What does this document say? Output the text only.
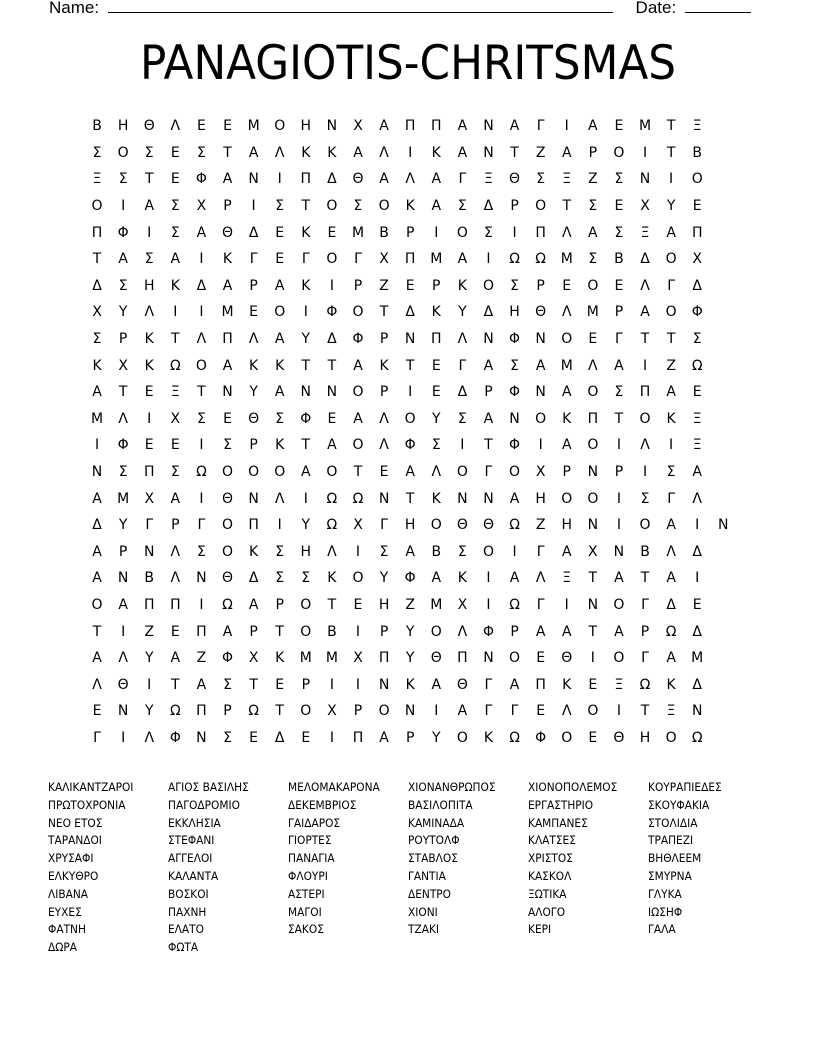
Name:	Date:
PANAGIOTIS-CHRITSMAS
Β	Η	Θ	Λ	Ε	Ε	Μ	Ο	Η	Ν	Χ	Α	Π	Π	Α	Ν	Α	Γ	Ι	Α	Ε	Μ	Τ	Ξ
Σ	Ο	Σ	Ε	Σ	Τ	Α	Λ	Κ	Κ	Α	Λ	Ι	Κ	Α	Ν	Τ	Ζ	Α	Ρ	Ο	Ι	Τ	Β
Ξ	Σ	Τ	Ε	Φ	Α	Ν	Ι	Π	Δ	Θ	Α	Λ	Α	Γ	Ξ	Θ	Σ	Ξ	Ζ	Σ	Ν	Ι	Ο
Ο	Ι	Α	Σ	Χ	Ρ	Ι	Σ	Τ	Ο	Σ	Ο	Κ	Α	Σ	Δ	Ρ	Ο	Τ	Σ	Ε	Χ	Υ	Ε
Π	Φ	Ι	Σ	Α	Θ	Δ	Ε	Κ	Ε	Μ	Β	Ρ	Ι	Ο	Σ	Ι	Π	Λ	Α	Σ	Ξ	Α	Π
Τ	Α	Σ	Α	Ι	Κ	Γ	Ε	Γ	Ο	Γ	Χ	Π	Μ	Α	Ι	Ω	Ω	Μ	Σ	Β	Δ	Ο	Χ
Δ	Σ	Η	Κ	Δ	Α	Ρ	Α	Κ	Ι	Ρ	Ζ	Ε	Ρ	Κ	Ο	Σ	Ρ	Ε	Ο	Ε	Λ	Γ	Δ
Χ	Υ	Λ	Ι	Ι	Μ	Ε	Ο	Ι	Φ	Ο	Τ	Δ	Κ	Υ	Δ	Η	Θ	Λ	Μ	Ρ	Α	Ο	Φ
Σ	Ρ	Κ	Τ	Λ	Π	Λ	Α	Υ	Δ	Φ	Ρ	Ν	Π	Λ	Ν	Φ	Ν	Ο	Ε	Γ	Τ	Τ	Σ
Κ	Χ	Κ	Ω	Ο	Α	Κ	Κ	Τ	Τ	Α	Κ	Τ	Ε	Γ	Α	Σ	Α	Μ	Λ	Α	Ι	Ζ	Ω
Α	Τ	Ε	Ξ	Τ	Ν	Υ	Α	Ν	Ν	Ο	Ρ	Ι	Ε	Δ	Ρ	Φ	Ν	Α	Ο	Σ	Π	Α	Ε
Μ	Λ	Ι	Χ	Σ	Ε	Θ	Σ	Φ	Ε	Α	Λ	Ο	Υ	Σ	Α	Ν	Ο	Κ	Π	Τ	Ο	Κ	Ξ
Ι	Φ	Ε	Ε	Ι	Σ	Ρ	Κ	Τ	Α	Ο	Λ	Φ	Σ	Ι	Τ	Φ	Ι	Α	Ο	Ι	Λ	Ι	Ξ
Ν	Σ	Π	Σ	Ω	Ο	Ο	Ο	Α	Ο	Τ	Ε	Α	Λ	Ο	Γ	Ο	Χ	Ρ	Ν	Ρ	Ι	Σ	Α
Α	Μ	Χ	Α	Ι	Θ	Ν	Λ	Ι	Ω	Ω	Ν	Τ	Κ	Ν	Ν	Α	Η	Ο	Ο	Ι	Σ	Γ	Λ
Δ	Υ	Γ	Ρ	Γ	Ο	Π	Ι	Υ	Ω	Χ	Γ	Η	Ο	Θ	Θ	Ω	Ζ	Η	Ν	Ι	Ο	Α	Ι	Ν
Α	Ρ	Ν	Λ	Σ	Ο	Κ	Σ	Η	Λ	Ι	Σ	Α	Β	Σ	Ο	Ι	Γ	Α	Χ	Ν	Β	Λ	Δ
Α	Ν	Β	Λ	Ν	Θ	Δ	Σ	Σ	Κ	Ο	Υ	Φ	Α	Κ	Ι	Α	Λ	Ξ	Τ	Α	Τ	Α	Ι
Ο	Α	Π	Π	Ι	Ω	Α	Ρ	Ο	Τ	Ε	Η	Ζ	Μ	Χ	Ι	Ω	Γ	Ι	Ν	Ο	Γ	Δ	Ε
Τ	Ι	Ζ	Ε	Π	Α	Ρ	Τ	Ο	Β	Ι	Ρ	Υ	Ο	Λ	Φ	Ρ	Α	Α	Τ	Α	Ρ	Ω	Δ
Α	Λ	Υ	Α	Ζ	Φ	Χ	Κ	Μ	Μ	Χ	Π	Υ	Θ	Π	Ν	Ο	Ε	Θ	Ι	Ο	Γ	Α	Μ
Λ	Θ	Ι	Τ	Α	Σ	Τ	Ε	Ρ	Ι	Ι	Ν	Κ	Α	Θ	Γ	Α	Π	Κ	Ε	Ξ	Ω	Κ	Δ
Ε	Ν	Υ	Ω	Π	Ρ	Ω	Τ	Ο	Χ	Ρ	Ο	Ν	Ι	Α	Γ	Γ	Ε	Λ	Ο	Ι	Τ	Ξ	Ν
Γ	Ι	Λ	Φ	Ν	Σ	Ε	Δ	Ε	Ι	Π	Α	Ρ	Υ	Ο	Κ	Ω	Φ	Ο	Ε	Θ	Η	Ο	Ω
ΚΑΛΙΚΑΝΤΖΑΡΟΙ
ΠΡΩΤΟΧΡΟΝΙΑ
ΝΕΟ ΕΤΟΣ
ΤΑΡΑΝΔΟΙ
ΧΡΥΣΑΦΙ
ΕΛΚΥΘΡΟ
ΛΙΒΑΝΑ
ΕΥΧΕΣ
ΦΑΤΝΗ
ΔΩΡΑ
ΑΓΙΟΣ ΒΑΣΙΛΗΣ
ΠΑΓΟΔΡΟΜΙΟ
ΕΚΚΛΗΣΙΑ
ΣΤΕΦΑΝΙ
ΑΓΓΕΛΟΙ
ΚΑΛΑΝΤΑ
ΒΟΣΚΟΙ
ΠΑΧΝΗ
ΕΛΑΤΟ
ΦΩΤΑ
ΜΕΛΟΜΑΚΑΡΟΝΑ
ΔΕΚΕΜΒΡΙΟΣ
ΓΑΙΔΑΡΟΣ
ΓΙΟΡΤΕΣ
ΠΑΝΑΓΙΑ
ΦΛΟΥΡΙ
ΑΣΤΕΡΙ
ΜΑΓΟΙ
ΣΑΚΟΣ
ΧΙΟΝΑΝΘΡΩΠΟΣ
ΒΑΣΙΛΟΠΙΤΑ
ΚΑΜΙΝΑΔΑ
ΡΟΥΤΟΛΦ
ΣΤΑΒΛΟΣ
ΓΑΝΤΙΑ
ΔΕΝΤΡΟ
ΧΙΟΝΙ
ΤΖΑΚΙ
ΧΙΟΝΟΠΟΛΕΜΟΣ
ΕΡΓΑΣΤΗΡΙΟ
ΚΑΜΠΑΝΕΣ
ΚΛΑΤΣΕΣ
ΧΡΙΣΤΟΣ
ΚΑΣΚΟΛ
ΞΩΤΙΚΑ
ΑΛΟΓΟ
ΚΕΡΙ
ΚΟΥΡΑΠΙΕΔΕΣ
ΣΚΟΥΦΑΚΙΑ
ΣΤΟΛΙΔΙΑ
ΤΡΑΠΕΖΙ
ΒΗΘΛΕΕΜ
ΣΜΥΡΝΑ
ΓΛΥΚΑ
ΙΩΣΗΦ
ΓΑΛΑ
